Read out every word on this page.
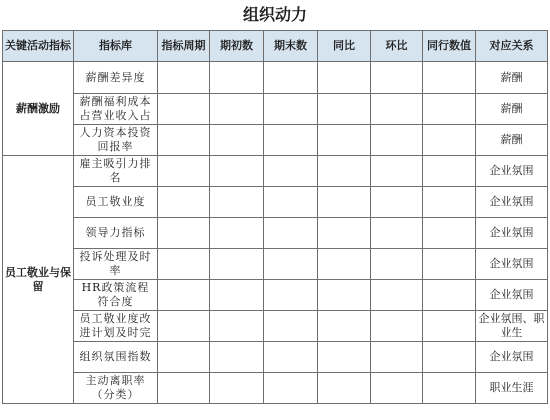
组织动力
关键活动指标	指标库	指标周期	期初数	期末数	同比	环比	同行数值	对应关系
薪酬激励	薪酬差异度							薪酬
	薪酬福利成本占营业收入占							薪酬
	人力资本投资回报率							薪酬
员工敬业与保留	雇主吸引力排名							企业氛围
	员工敬业度							企业氛围
	领导力指标							企业氛围
	投诉处理及时率							企业氛围
	HR政策流程符合度							企业氛围
	员工敬业度改进计划及时完							企业氛围、职业生
	组织氛围指数							企业氛围
	主动离职率（分类）							职业生涯
